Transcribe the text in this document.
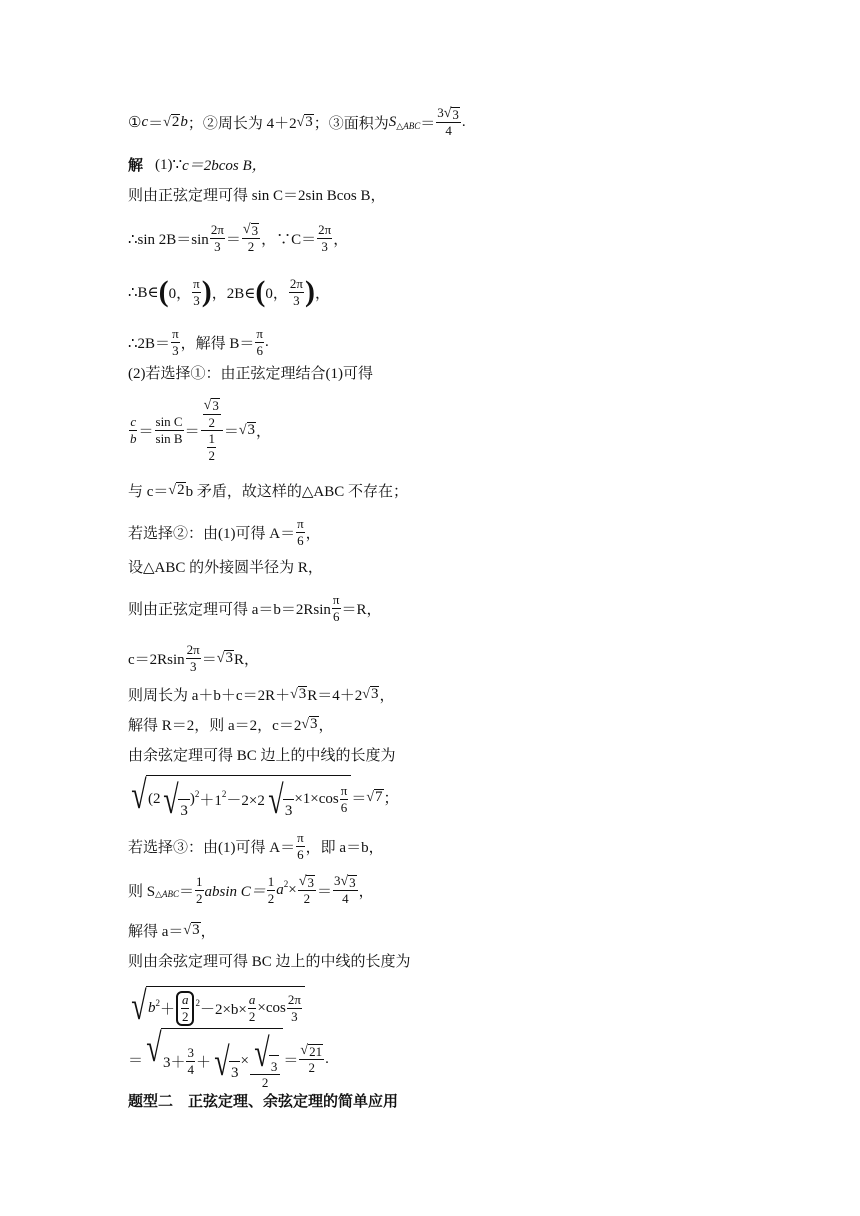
① c ＝ √ 2 b ；②周长为 4＋2 √ 3 ；③面积为 S △ABC ＝ $\frac{3 √ 3}{4}$ .
解 (1)∵ c＝2bcos B，
则由正弦定理可得 sin C＝2sin Bcos B，
∴sin $2B=\sin \frac{2\pi}{3} = \frac{√ 3}{2}$ ，∵C＝ $\frac{2\pi}{3}$ ，
∴B∈ ( 0， $\frac{\pi}{3}$ ) ，2B∈ ( 0， $\frac{2\pi}{3}$ ) ，
∴2B＝ $\frac{\pi}{3}$ ，解得 $B= \frac{\pi}{6}$ .
(2)若选择①：由正弦定理结合(1)可得
$\frac{c}{b} = \frac{\text{sin C}}{\text{sin B}} = \frac{\frac{√ 3}{2}}{\frac{1}{2}}$ ＝ √ 3 ，
与 c＝ √ 2 b 矛盾，故这样的△ABC 不存在；
若选择②：由(1)可得 $A= \frac{\pi}{6}$ ，
设△ABC 的外接圆半径为 R，
则由正弦定理可得 $a=b=2Rsin \frac{\pi}{6} =R$，
$c=2Rsin \frac{2\pi}{3}$ ＝ √ 3 R，
则周长为 a＋b＋c＝2R＋ √ 3 R＝4＋2 √ 3 ，
解得 R＝2，则 a＝2，c＝2 √ 3 ，
由余弦定理可得 BC 边上的中线的长度为
√ (2 √ 3
) 2 ＋1 2 －2×2 √ 3
$\times 1\times\cos \frac{\pi}{6}$ ＝ √ 7 ；
若选择③：由(1)可得 $A= \frac{\pi}{6}$ ，即 a＝b，
则 S △ABC ＝ $\frac{1}{2}$ absin $C= \frac{1}{2}$ a $2 \times \frac{√ 3}{2} = \frac{3 √ 3}{4}$ ，
解得 a＝ √ 3 ，
则由余弦定理可得 BC 边上的中线的长度为
√ b $2 + \frac{a}{2} 2 -2\times b\times \frac{a}{2} \times\cos \frac{2\pi}{3}$
＝ √ $3+ \frac{3}{4}$ ＋ √ 3
× $\frac{√ 3}{2} = \frac{√ 21}{2}$ .
题型二　正弦定理、余弦定理的简单应用
